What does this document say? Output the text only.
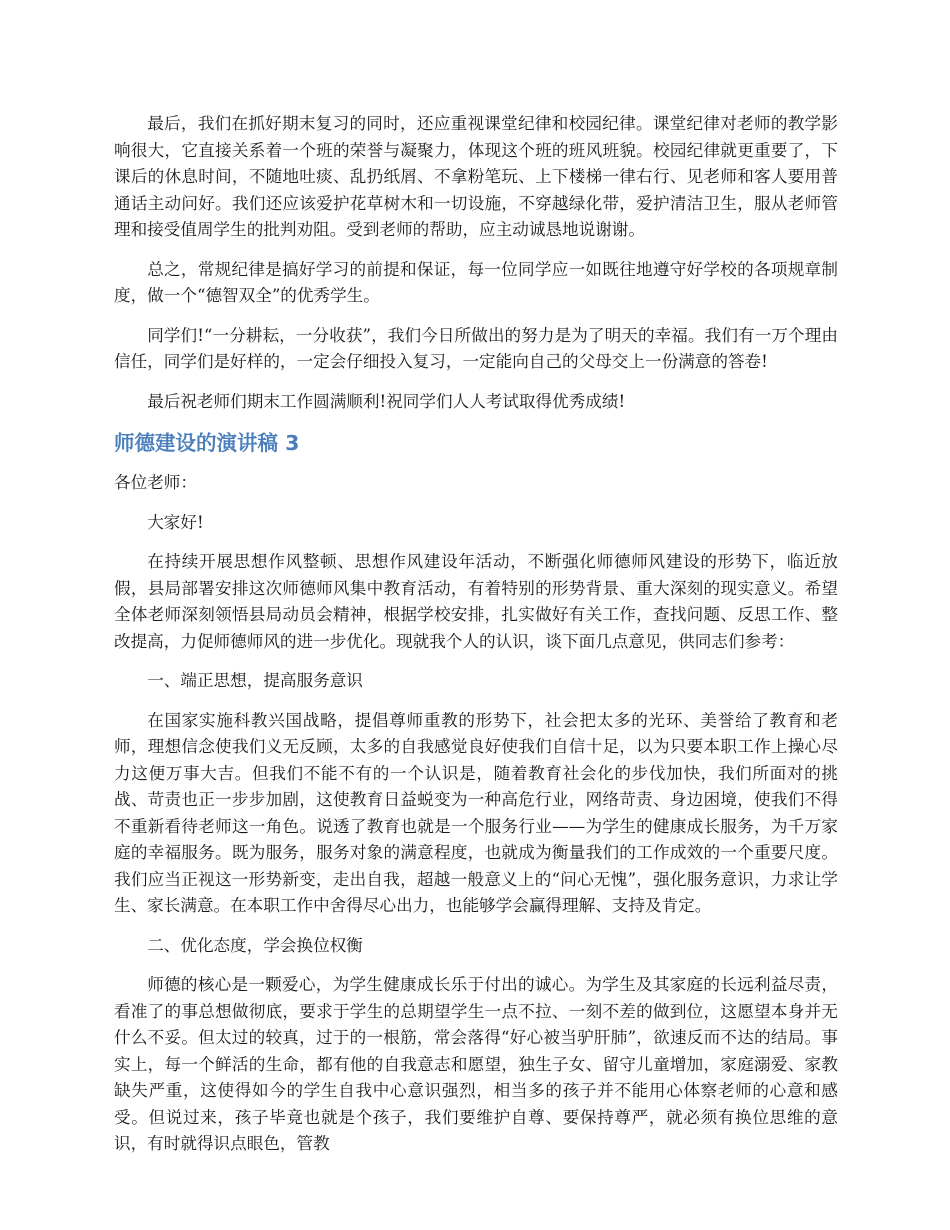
最后，我们在抓好期末复习的同时，还应重视课堂纪律和校园纪律。课堂纪律对老师的教学影响很大，它直接关系着一个班的荣誉与凝聚力，体现这个班的班风班貌。校园纪律就更重要了，下课后的休息时间，不随地吐痰、乱扔纸屑、不拿粉笔玩、上下楼梯一律右行、见老师和客人要用普通话主动问好。我们还应该爱护花草树木和一切设施，不穿越绿化带，爱护清洁卫生，服从老师管理和接受值周学生的批判劝阻。受到老师的帮助，应主动诚恳地说谢谢。

总之，常规纪律是搞好学习的前提和保证，每一位同学应一如既往地遵守好学校的各项规章制度，做一个“德智双全”的优秀学生。

同学们!“一分耕耘，一分收获”，我们今日所做出的努力是为了明天的幸福。我们有一万个理由信任，同学们是好样的，一定会仔细投入复习，一定能向自己的父母交上一份满意的答卷!

最后祝老师们期末工作圆满顺利!祝同学们人人考试取得优秀成绩!

师德建设的演讲稿 3

各位老师：

大家好!

在持续开展思想作风整顿、思想作风建设年活动，不断强化师德师风建设的形势下，临近放假，县局部署安排这次师德师风集中教育活动，有着特别的形势背景、重大深刻的现实意义。希望全体老师深刻领悟县局动员会精神，根据学校安排，扎实做好有关工作，查找问题、反思工作、整改提高，力促师德师风的进一步优化。现就我个人的认识，谈下面几点意见，供同志们参考：

一、端正思想，提高服务意识

在国家实施科教兴国战略，提倡尊师重教的形势下，社会把太多的光环、美誉给了教育和老师，理想信念使我们义无反顾，太多的自我感觉良好使我们自信十足，以为只要本职工作上操心尽力这便万事大吉。但我们不能不有的一个认识是，随着教育社会化的步伐加快，我们所面对的挑战、苛责也正一步步加剧，这使教育日益蜕变为一种高危行业，网络苛责、身边困境，使我们不得不重新看待老师这一角色。说透了教育也就是一个服务行业——为学生的健康成长服务，为千万家庭的幸福服务。既为服务，服务对象的满意程度，也就成为衡量我们的工作成效的一个重要尺度。我们应当正视这一形势新变，走出自我，超越一般意义上的“问心无愧”，强化服务意识，力求让学生、家长满意。在本职工作中舍得尽心出力，也能够学会赢得理解、支持及肯定。

二、优化态度，学会换位权衡

师德的核心是一颗爱心，为学生健康成长乐于付出的诚心。为学生及其家庭的长远利益尽责，看准了的事总想做彻底，要求于学生的总期望学生一点不拉、一刻不差的做到位，这愿望本身并无什么不妥。但太过的较真，过于的一根筋，常会落得“好心被当驴肝肺”，欲速反而不达的结局。事实上，每一个鲜活的生命，都有他的自我意志和愿望，独生子女、留守儿童增加，家庭溺爱、家教缺失严重，这使得如今的学生自我中心意识强烈，相当多的孩子并不能用心体察老师的心意和感受。但说过来，孩子毕竟也就是个孩子，我们要维护自尊、要保持尊严，就必须有换位思维的意识，有时就得识点眼色，管教
